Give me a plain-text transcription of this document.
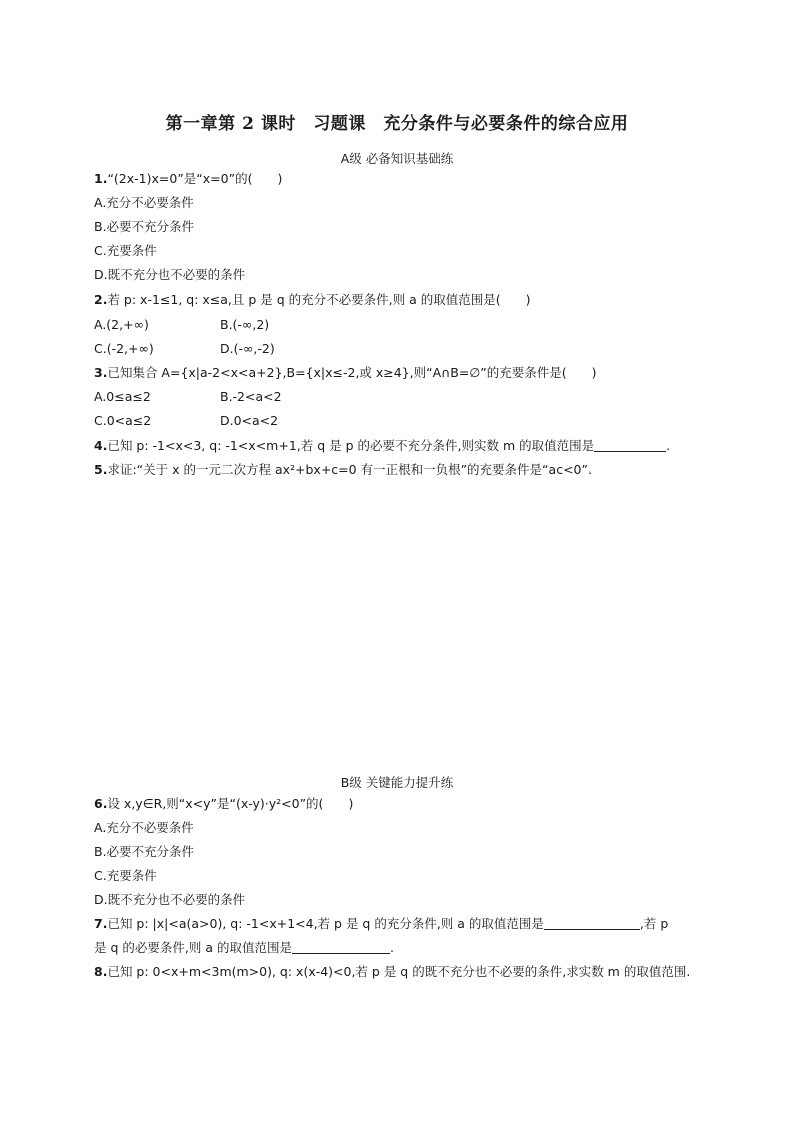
第一章第 2 课时　习题课　充分条件与必要条件的综合应用
A级 必备知识基础练
1.“(2x-1)x=0”是“x=0”的(　　)
A.充分不必要条件
B.必要不充分条件
C.充要条件
D.既不充分也不必要的条件
2.若 p: x-1≤1, q: x≤a,且 p 是 q 的充分不必要条件,则 a 的取值范围是(　　)
A.(2,+∞)	B.(-∞,2)
C.(-2,+∞)	D.(-∞,-2)
3.已知集合 A={x|a-2<x<a+2},B={x|x≤-2,或 x≥4},则“A∩B=∅”的充要条件是(　　)
A.0≤a≤2	B.-2<a<2
C.0<a≤2	D.0<a<2
4.已知 p: -1<x<3, q: -1<x<m+1,若 q 是 p 的必要不充分条件,则实数 m 的取值范围是	.
5.求证:“关于 x 的一元二次方程 ax²+bx+c=0 有一正根和一负根”的充要条件是“ac<0”.
B级 关键能力提升练
6.设 x,y∈R,则“x<y”是“(x-y)·y²<0”的(　　)
A.充分不必要条件
B.必要不充分条件
C.充要条件
D.既不充分也不必要的条件
7.已知 p: |x|<a(a>0), q: -1<x+1<4,若 p 是 q 的充分条件,则 a 的取值范围是	,若 p
是 q 的必要条件,则 a 的取值范围是	.
8.已知 p: 0<x+m<3m(m>0), q: x(x-4)<0,若 p 是 q 的既不充分也不必要的条件,求实数 m 的取值范围.
